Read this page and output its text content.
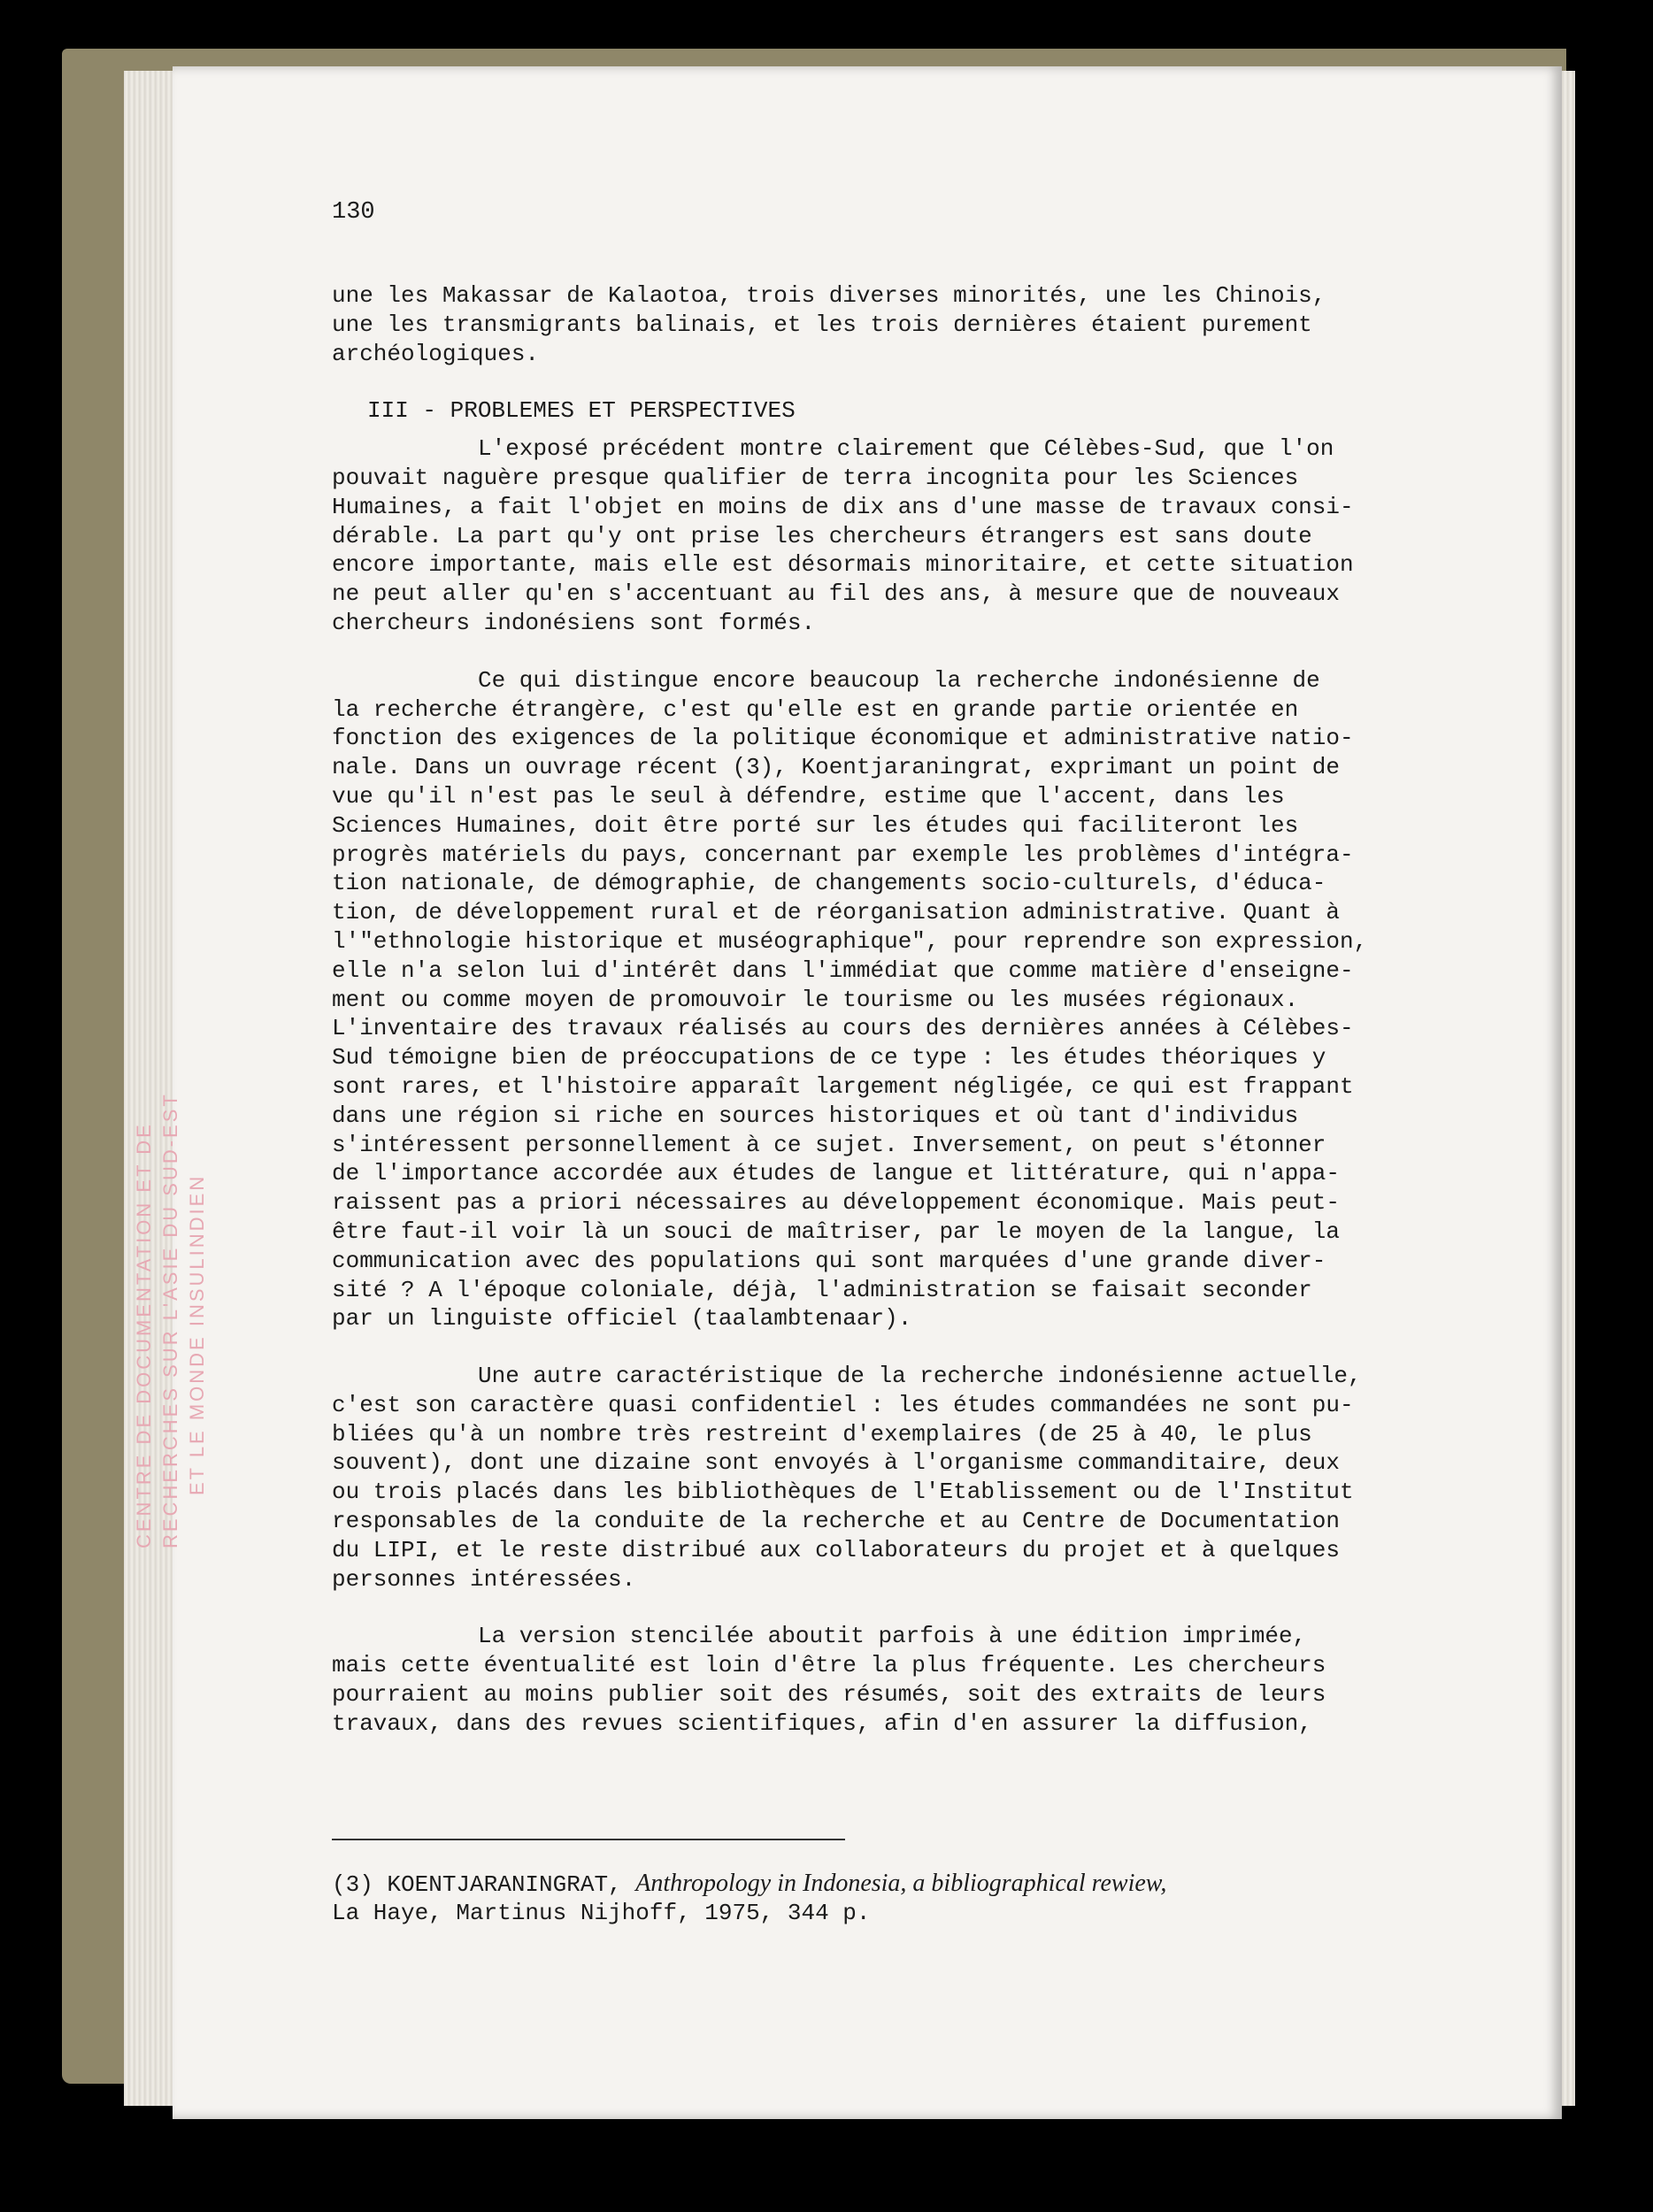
CENTRE DE DOCUMENTATION ET DE RECHERCHES SUR L'ASIE DU SUD-EST ET LE MONDE INSULINDIEN
130
une les Makassar de Kalaotoa, trois diverses minorités, une les Chinois,
une les transmigrants balinais, et les trois dernières étaient purement
archéologiques.
III - PROBLEMES ET PERSPECTIVES
L'exposé précédent montre clairement que Célèbes-Sud, que l'on
pouvait naguère presque qualifier de terra incognita pour les Sciences
Humaines, a fait l'objet en moins de dix ans d'une masse de travaux consi-
dérable. La part qu'y ont prise les chercheurs étrangers est sans doute
encore importante, mais elle est désormais minoritaire, et cette situation
ne peut aller qu'en s'accentuant au fil des ans, à mesure que de nouveaux
chercheurs indonésiens sont formés.
Ce qui distingue encore beaucoup la recherche indonésienne de
la recherche étrangère, c'est qu'elle est en grande partie orientée en
fonction des exigences de la politique économique et administrative natio-
nale. Dans un ouvrage récent (3), Koentjaraningrat, exprimant un point de
vue qu'il n'est pas le seul à défendre, estime que l'accent, dans les
Sciences Humaines, doit être porté sur les études qui faciliteront les
progrès matériels du pays, concernant par exemple les problèmes d'intégra-
tion nationale, de démographie, de changements socio-culturels, d'éduca-
tion, de développement rural et de réorganisation administrative. Quant à
l'"ethnologie historique et muséographique", pour reprendre son expression,
elle n'a selon lui d'intérêt dans l'immédiat que comme matière d'enseigne-
ment ou comme moyen de promouvoir le tourisme ou les musées régionaux.
L'inventaire des travaux réalisés au cours des dernières années à Célèbes-
Sud témoigne bien de préoccupations de ce type : les études théoriques y
sont rares, et l'histoire apparaît largement négligée, ce qui est frappant
dans une région si riche en sources historiques et où tant d'individus
s'intéressent personnellement à ce sujet. Inversement, on peut s'étonner
de l'importance accordée aux études de langue et littérature, qui n'appa-
raissent pas a priori nécessaires au développement économique. Mais peut-
être faut-il voir là un souci de maîtriser, par le moyen de la langue, la
communication avec des populations qui sont marquées d'une grande diver-
sité ? A l'époque coloniale, déjà, l'administration se faisait seconder
par un linguiste officiel (taalambtenaar).
Une autre caractéristique de la recherche indonésienne actuelle,
c'est son caractère quasi confidentiel : les études commandées ne sont pu-
bliées qu'à un nombre très restreint d'exemplaires (de 25 à 40, le plus
souvent), dont une dizaine sont envoyés à l'organisme commanditaire, deux
ou trois placés dans les bibliothèques de l'Etablissement ou de l'Institut
responsables de la conduite de la recherche et au Centre de Documentation
du LIPI, et le reste distribué aux collaborateurs du projet et à quelques
personnes intéressées.
La version stencilée aboutit parfois à une édition imprimée,
mais cette éventualité est loin d'être la plus fréquente. Les chercheurs
pourraient au moins publier soit des résumés, soit des extraits de leurs
travaux, dans des revues scientifiques, afin d'en assurer la diffusion,
(3) KOENTJARANINGRAT, Anthropology in Indonesia, a bibliographical rewiew,
La Haye, Martinus Nijhoff, 1975, 344 p.
